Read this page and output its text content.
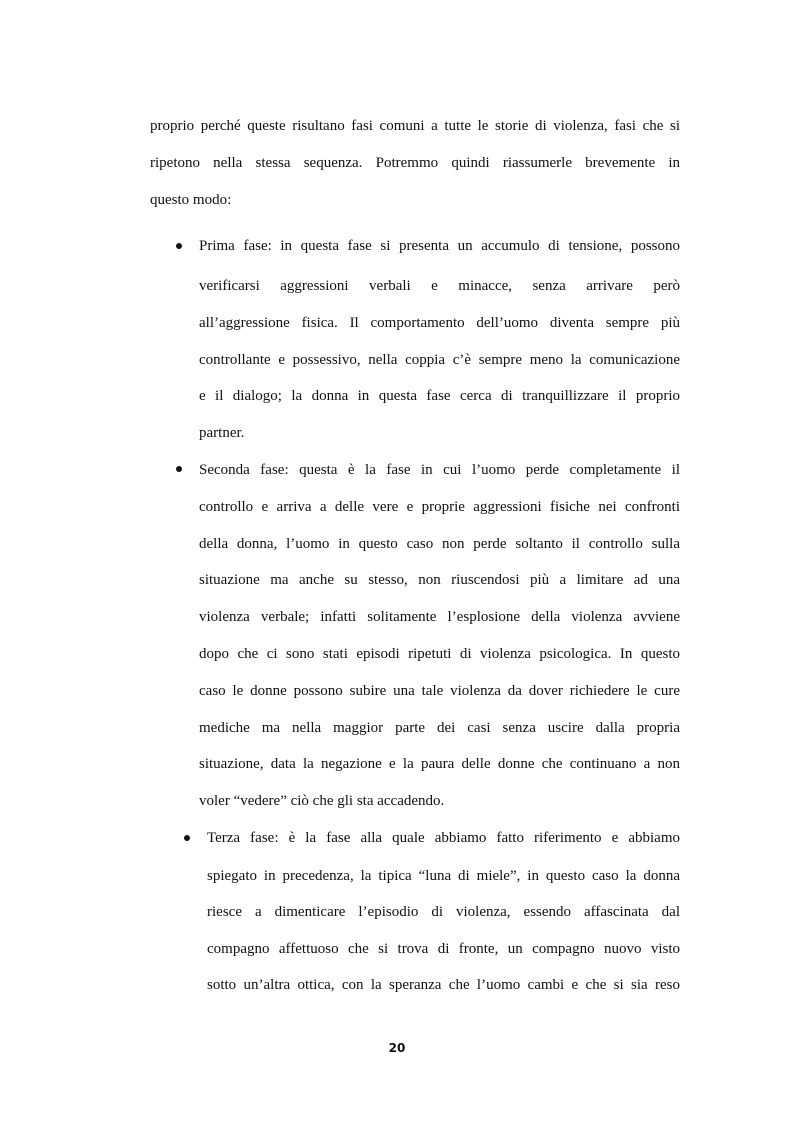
proprio perché queste risultano fasi comuni a tutte le storie di violenza, fasi che si
ripetono nella stessa sequenza. Potremmo quindi riassumerle brevemente in
questo modo:
Prima fase: in questa fase si presenta un accumulo di tensione, possono
verificarsi aggressioni verbali e minacce, senza arrivare però
all’aggressione fisica. Il comportamento dell’uomo diventa sempre più
controllante e possessivo, nella coppia c’è sempre meno la comunicazione
e il dialogo; la donna in questa fase cerca di tranquillizzare il proprio
partner.
Seconda fase: questa è la fase in cui l’uomo perde completamente il
controllo e arriva a delle vere e proprie aggressioni fisiche nei confronti
della donna, l’uomo in questo caso non perde soltanto il controllo sulla
situazione ma anche su stesso, non riuscendosi più a limitare ad una
violenza verbale; infatti solitamente l’esplosione della violenza avviene
dopo che ci sono stati episodi ripetuti di violenza psicologica. In questo
caso le donne possono subire una tale violenza da dover richiedere le cure
mediche ma nella maggior parte dei casi senza uscire dalla propria
situazione, data la negazione e la paura delle donne che continuano a non
voler “vedere” ciò che gli sta accadendo.
Terza fase: è la fase alla quale abbiamo fatto riferimento e abbiamo
spiegato in precedenza, la tipica “luna di miele”, in questo caso la donna
riesce a dimenticare l’episodio di violenza, essendo affascinata dal
compagno affettuoso che si trova di fronte, un compagno nuovo visto
sotto un’altra ottica, con la speranza che l’uomo cambi e che si sia reso
20
